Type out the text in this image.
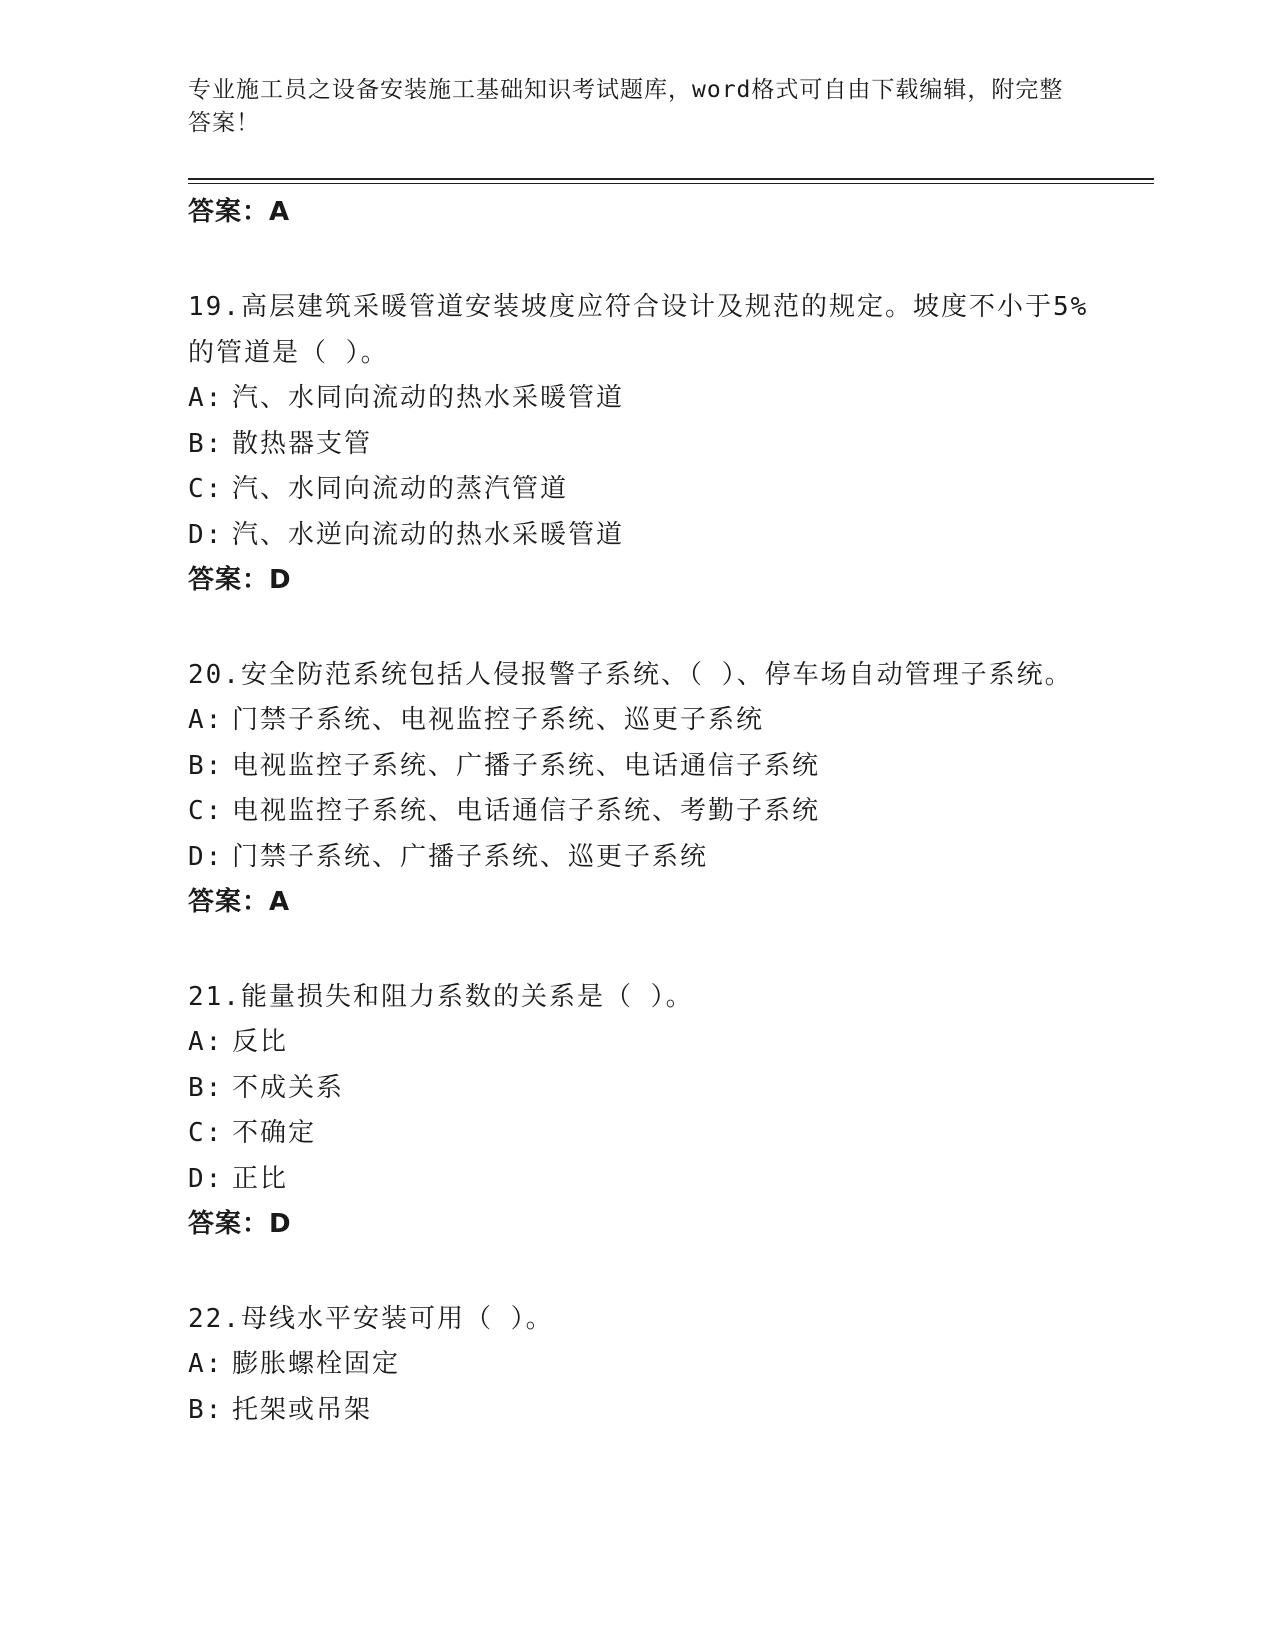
专业施工员之设备安装施工基础知识考试题库，word格式可自由下载编辑，附完整答案！
答案：A

19.高层建筑采暖管道安装坡度应符合设计及规范的规定。坡度不小于5%的管道是（ ）。

A: 汽、水同向流动的热水采暖管道
B: 散热器支管
C: 汽、水同向流动的蒸汽管道
D: 汽、水逆向流动的热水采暖管道
答案：D

20.安全防范系统包括人侵报警子系统、（ ）、停车场自动管理子系统。

A: 门禁子系统、电视监控子系统、巡更子系统
B: 电视监控子系统、广播子系统、电话通信子系统
C: 电视监控子系统、电话通信子系统、考勤子系统
D: 门禁子系统、广播子系统、巡更子系统
答案：A

21.能量损失和阻力系数的关系是（ ）。

A: 反比
B: 不成关系
C: 不确定
D: 正比
答案：D

22.母线水平安装可用（ ）。

A: 膨胀螺栓固定
B: 托架或吊架
